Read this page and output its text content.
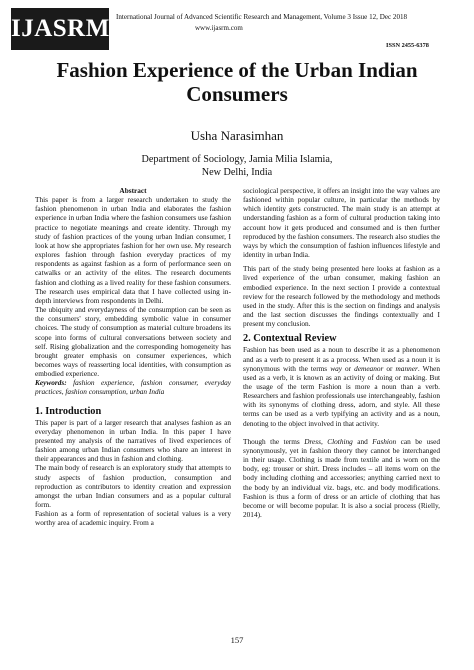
IJASRM International Journal of Advanced Scientific Research and Management, Volume 3 Issue 12, Dec 2018
www.ijasrm.com
ISSN 2455-6378
Fashion Experience of the Urban Indian Consumers
Usha Narasimhan
Department of Sociology, Jamia Milia Islamia,
New Delhi, India

Abstract

This paper is from a larger research undertaken to study the fashion phenomenon in urban India and elaborates the fashion experience in urban India where the fashion consumers use fashion practice to negotiate meanings and create identity. Through my study of fashion practices of the young urban Indian consumer, I look at how she appropriates fashion for her own use. My research explores fashion through fashion everyday practices of my respondents as against fashion as a form of performance seen on catwalks or an activity of the elites. The research documents fashion and clothing as a lived reality for these fashion consumers. The research uses empirical data that I have collected using in-depth interviews from respondents in Delhi.

The ubiquity and everydayness of the consumption can be seen as the consumers' story, embedding symbolic value in consumer choices. The study of consumption as material culture broadens its scope into forms of cultural conversations between society and self. Rising globalization and the corresponding homogeneity has brought greater emphasis on consumer experiences, which becomes ways of reasserting local identities, with consumption as embodied experience.

Keywords: fashion experience, fashion consumer, everyday practices, fashion consumption, urban India

1. Introduction

This paper is part of a larger research that analyses fashion as an everyday phenomenon in urban India. In this paper I have presented my analysis of the narratives of lived experiences of fashion among urban Indian consumers who share an interest in their appearances and thus in fashion and clothing.

The main body of research is an exploratory study that attempts to study aspects of fashion production, consumption and reproduction as contributors to identity creation and expression amongst the urban Indian consumers and as a popular cultural form.

Fashion as a form of representation of societal values is a very worthy area of academic inquiry. From a

sociological perspective, it offers an insight into the way values are fashioned within popular culture, in particular the methods by which identity gets constructed. The main study is an attempt at understanding fashion as a form of cultural production taking into account how it gets produced and consumed and is then further reproduced by the fashion consumers. The research also studies the ways by which the consumption of fashion influences lifestyle and identity in urban India.

This part of the study being presented here looks at fashion as a lived experience of the urban consumer, making fashion an embodied experience. In the next section I provide a contextual review for the research followed by the methodology and methods used in the study. After this is the section on findings and analysis and the last section discusses the findings contextually and I present my conclusion.

2. Contextual Review

Fashion has been used as a noun to describe it as a phenomenon and as a verb to present it as a process. When used as a noun it is synonymous with the terms way or demeanor or manner. When used as a verb, it is known as an activity of doing or making. But the usage of the term Fashion is more a noun than a verb. Researchers and fashion professionals use interchangeably, fashion with its synonyms of clothing dress, adorn, and style. All these terms can be used as a verb typifying an activity and as a noun, denoting to the object involved in that activity.

Though the terms Dress, Clothing and Fashion can be used synonymously, yet in fashion theory they cannot be interchanged in their usage. Clothing is made from textile and is worn on the body, eg: trouser or shirt. Dress includes – all items worn on the body including clothing and accessories; anything carried next to the body by an individual viz. bags, etc. and body modifications. Fashion is thus a form of dress or an article of clothing that has become or will become popular. It is also a social process (Rielly, 2014).

157
